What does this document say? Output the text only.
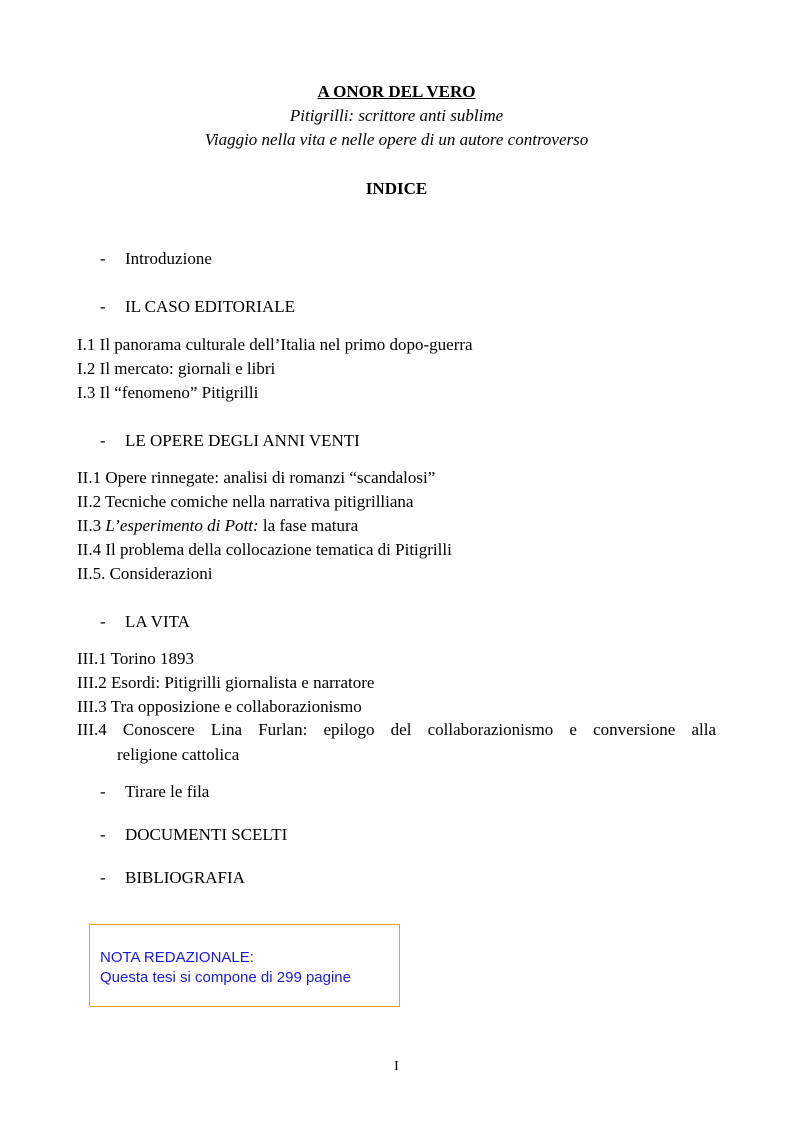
A ONOR DEL VERO
Pitigrilli: scrittore anti sublime
Viaggio nella vita e nelle opere di un autore controverso
INDICE
- Introduzione
- IL CASO EDITORIALE
I.1 Il panorama culturale dell’Italia nel primo dopo-guerra
I.2 Il mercato: giornali e libri
I.3 Il “fenomeno” Pitigrilli
- LE OPERE DEGLI ANNI VENTI
II.1 Opere rinnegate: analisi di romanzi “scandalosi”
II.2 Tecniche comiche nella narrativa pitigrilliana
II.3 L’esperimento di Pott: la fase matura
II.4 Il problema della collocazione tematica di Pitigrilli
II.5. Considerazioni
- LA VITA
III.1 Torino 1893
III.2 Esordi: Pitigrilli giornalista e narratore
III.3 Tra opposizione e collaborazionismo
III.4 Conoscere Lina Furlan: epilogo del collaborazionismo e conversione alla
religione cattolica
- Tirare le fila
- DOCUMENTI SCELTI
- BIBLIOGRAFIA
NOTA REDAZIONALE:
Questa tesi si compone di 299 pagine
I
